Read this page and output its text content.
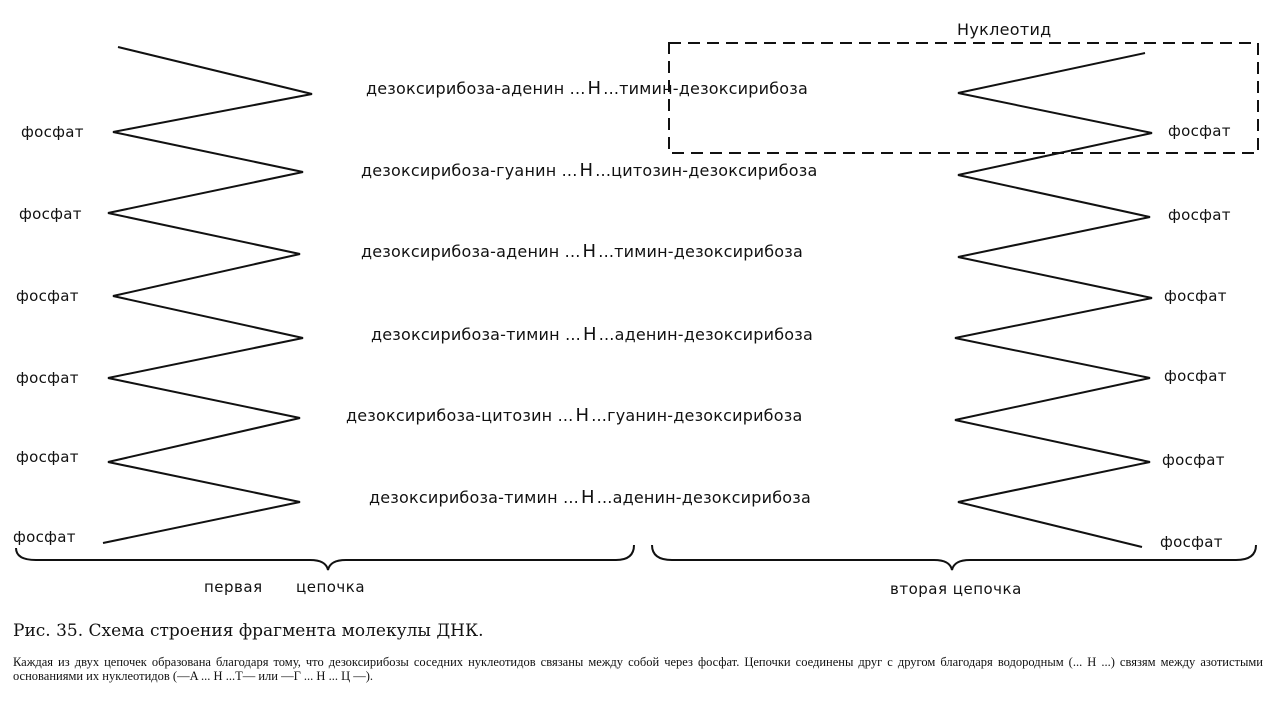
Нуклеотид
фосфат
фосфат
фосфат
фосфат
фосфат
фосфат
фосфат
фосфат
фосфат
фосфат
фосфат
фосфат
дезоксирибоза-аденин ... H ...тимин-дезоксирибоза
дезоксирибоза-гуанин ... H ...цитозин-дезоксирибоза
дезоксирибоза-аденин ... H ...тимин-дезоксирибоза
дезоксирибоза-тимин ... H ...аденин-дезоксирибоза
дезоксирибоза-цитозин ... H ...гуанин-дезоксирибоза
дезоксирибоза-тимин ... H ...аденин-дезоксирибоза
первая цепочка	вторая цепочка
Рис. 35. Схема строения фрагмента молекулы ДНК.
Каждая из двух цепочек образована благодаря тому, что дезоксирибозы соседних нуклеотидов связаны между собой через фосфат. Цепочки соединены друг с другом благодаря водородным (... H ...) связям между азотистыми основаниями их нуклеотидов (—A ... H ...T— или —Г ... H ... Ц —).
